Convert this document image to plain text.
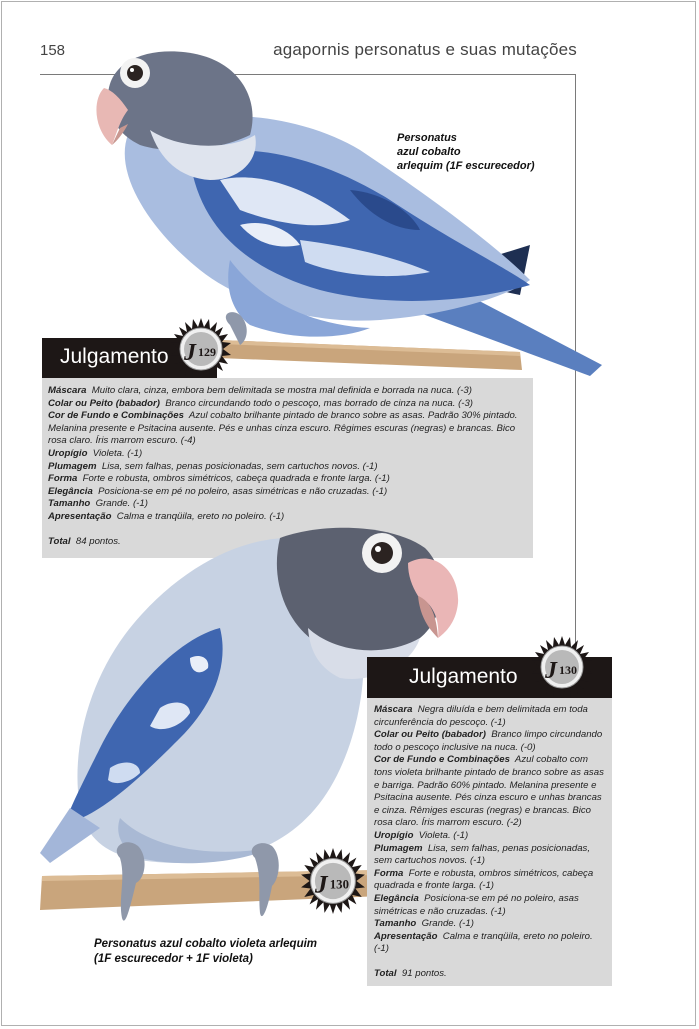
158	agapornis personatus e suas mutações
Personatus
azul cobalto
arlequim (1F escurecedor)
Julgamento J 129

Máscara Muito clara, cinza, embora bem delimitada se mostra mal definida e borrada na nuca. (-3)

Colar ou Peito (babador) Branco circundando todo o pescoço, mas borrado de cinza na nuca. (-3)

Cor de Fundo e Combinações Azul cobalto brilhante pintado de branco sobre as asas. Padrão 30% pintado. Melanina presente e Psitacina ausente. Pés e unhas cinza escuro. Rêgimes escuras (negras) e brancas. Bico rosa claro. Íris marrom escuro. (-4)

Uropígio Violeta. (-1)

Plumagem Lisa, sem falhas, penas posicionadas, sem cartuchos novos. (-1)

Forma Forte e robusta, ombros simétricos, cabeça quadrada e fronte larga. (-1)

Elegância Posiciona-se em pé no poleiro, asas simétricas e não cruzadas. (-1)

Tamanho Grande. (-1)

Apresentação Calma e tranqüila, ereto no poleiro. (-1)

Total 84 pontos.

J 130
Personatus azul cobalto violeta arlequim
(1F escurecedor + 1F violeta)
Julgamento J 130

Máscara Negra diluída e bem delimitada em toda circunferência do pescoço. (-1)

Colar ou Peito (babador) Branco limpo circundando todo o pescoço inclusive na nuca. (-0)

Cor de Fundo e Combinações Azul cobalto com tons violeta brilhante pintado de branco sobre as asas e barriga. Padrão 60% pintado. Melanina presente e Psitacina ausente. Pés cinza escuro e unhas brancas e cinza. Rêmiges escuras (negras) e brancas. Bico rosa claro. Íris marrom escuro. (-2)

Uropígio Violeta. (-1)

Plumagem Lisa, sem falhas, penas posicionadas, sem cartuchos novos. (-1)

Forma Forte e robusta, ombros simétricos, cabeça quadrada e fronte larga. (-1)

Elegância Posiciona-se em pé no poleiro, asas simétricas e não cruzadas. (-1)

Tamanho Grande. (-1)

Apresentação Calma e tranqüila, ereto no poleiro. (-1)

Total 91 pontos.
